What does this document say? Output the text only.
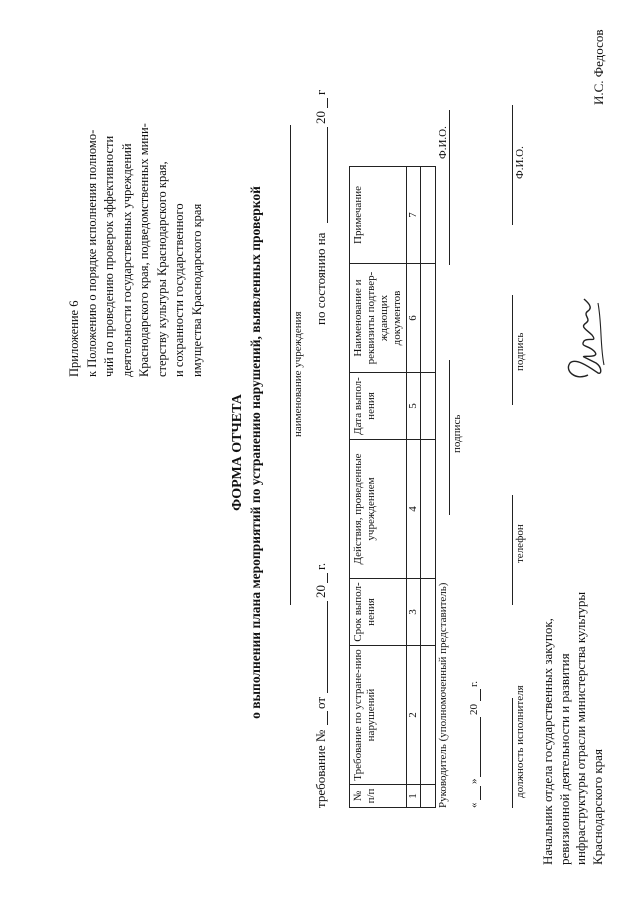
Приложение 6 к Положению о порядке исполнения полномо- чий по проведению проверок эффективности деятельности государственных учреждений Краснодарского края, подведомственных мини- стерству культуры Краснодарского края, и сохранности государственного имущества Краснодарского края
ФОРМА ОТЧЕТА о выполнении плана мероприятий по устранению нарушений, выявленных проверкой	наименование учреждения
требование №
от
20
г.
по состоянию на
20
г
№ п/п	Требование по устране-нию нарушений	Срок выпол-нения	Действия, проведенные учреждением	Дата выпол-нения	Наименование и реквизиты подтвер-ждающих документов	Примечание
1	2	3	4	5	6	7

Руководитель (уполномоченный представитель)
подпись
Ф.И.О.
«
»
20
г.
должность исполнителя
телефон
подпись
Ф.И.О.
Начальник отдела государственных закупок, ревизионной деятельности и развития инфраструктуры отрасли министерства культуры Краснодарского края
И.С. Федосов
